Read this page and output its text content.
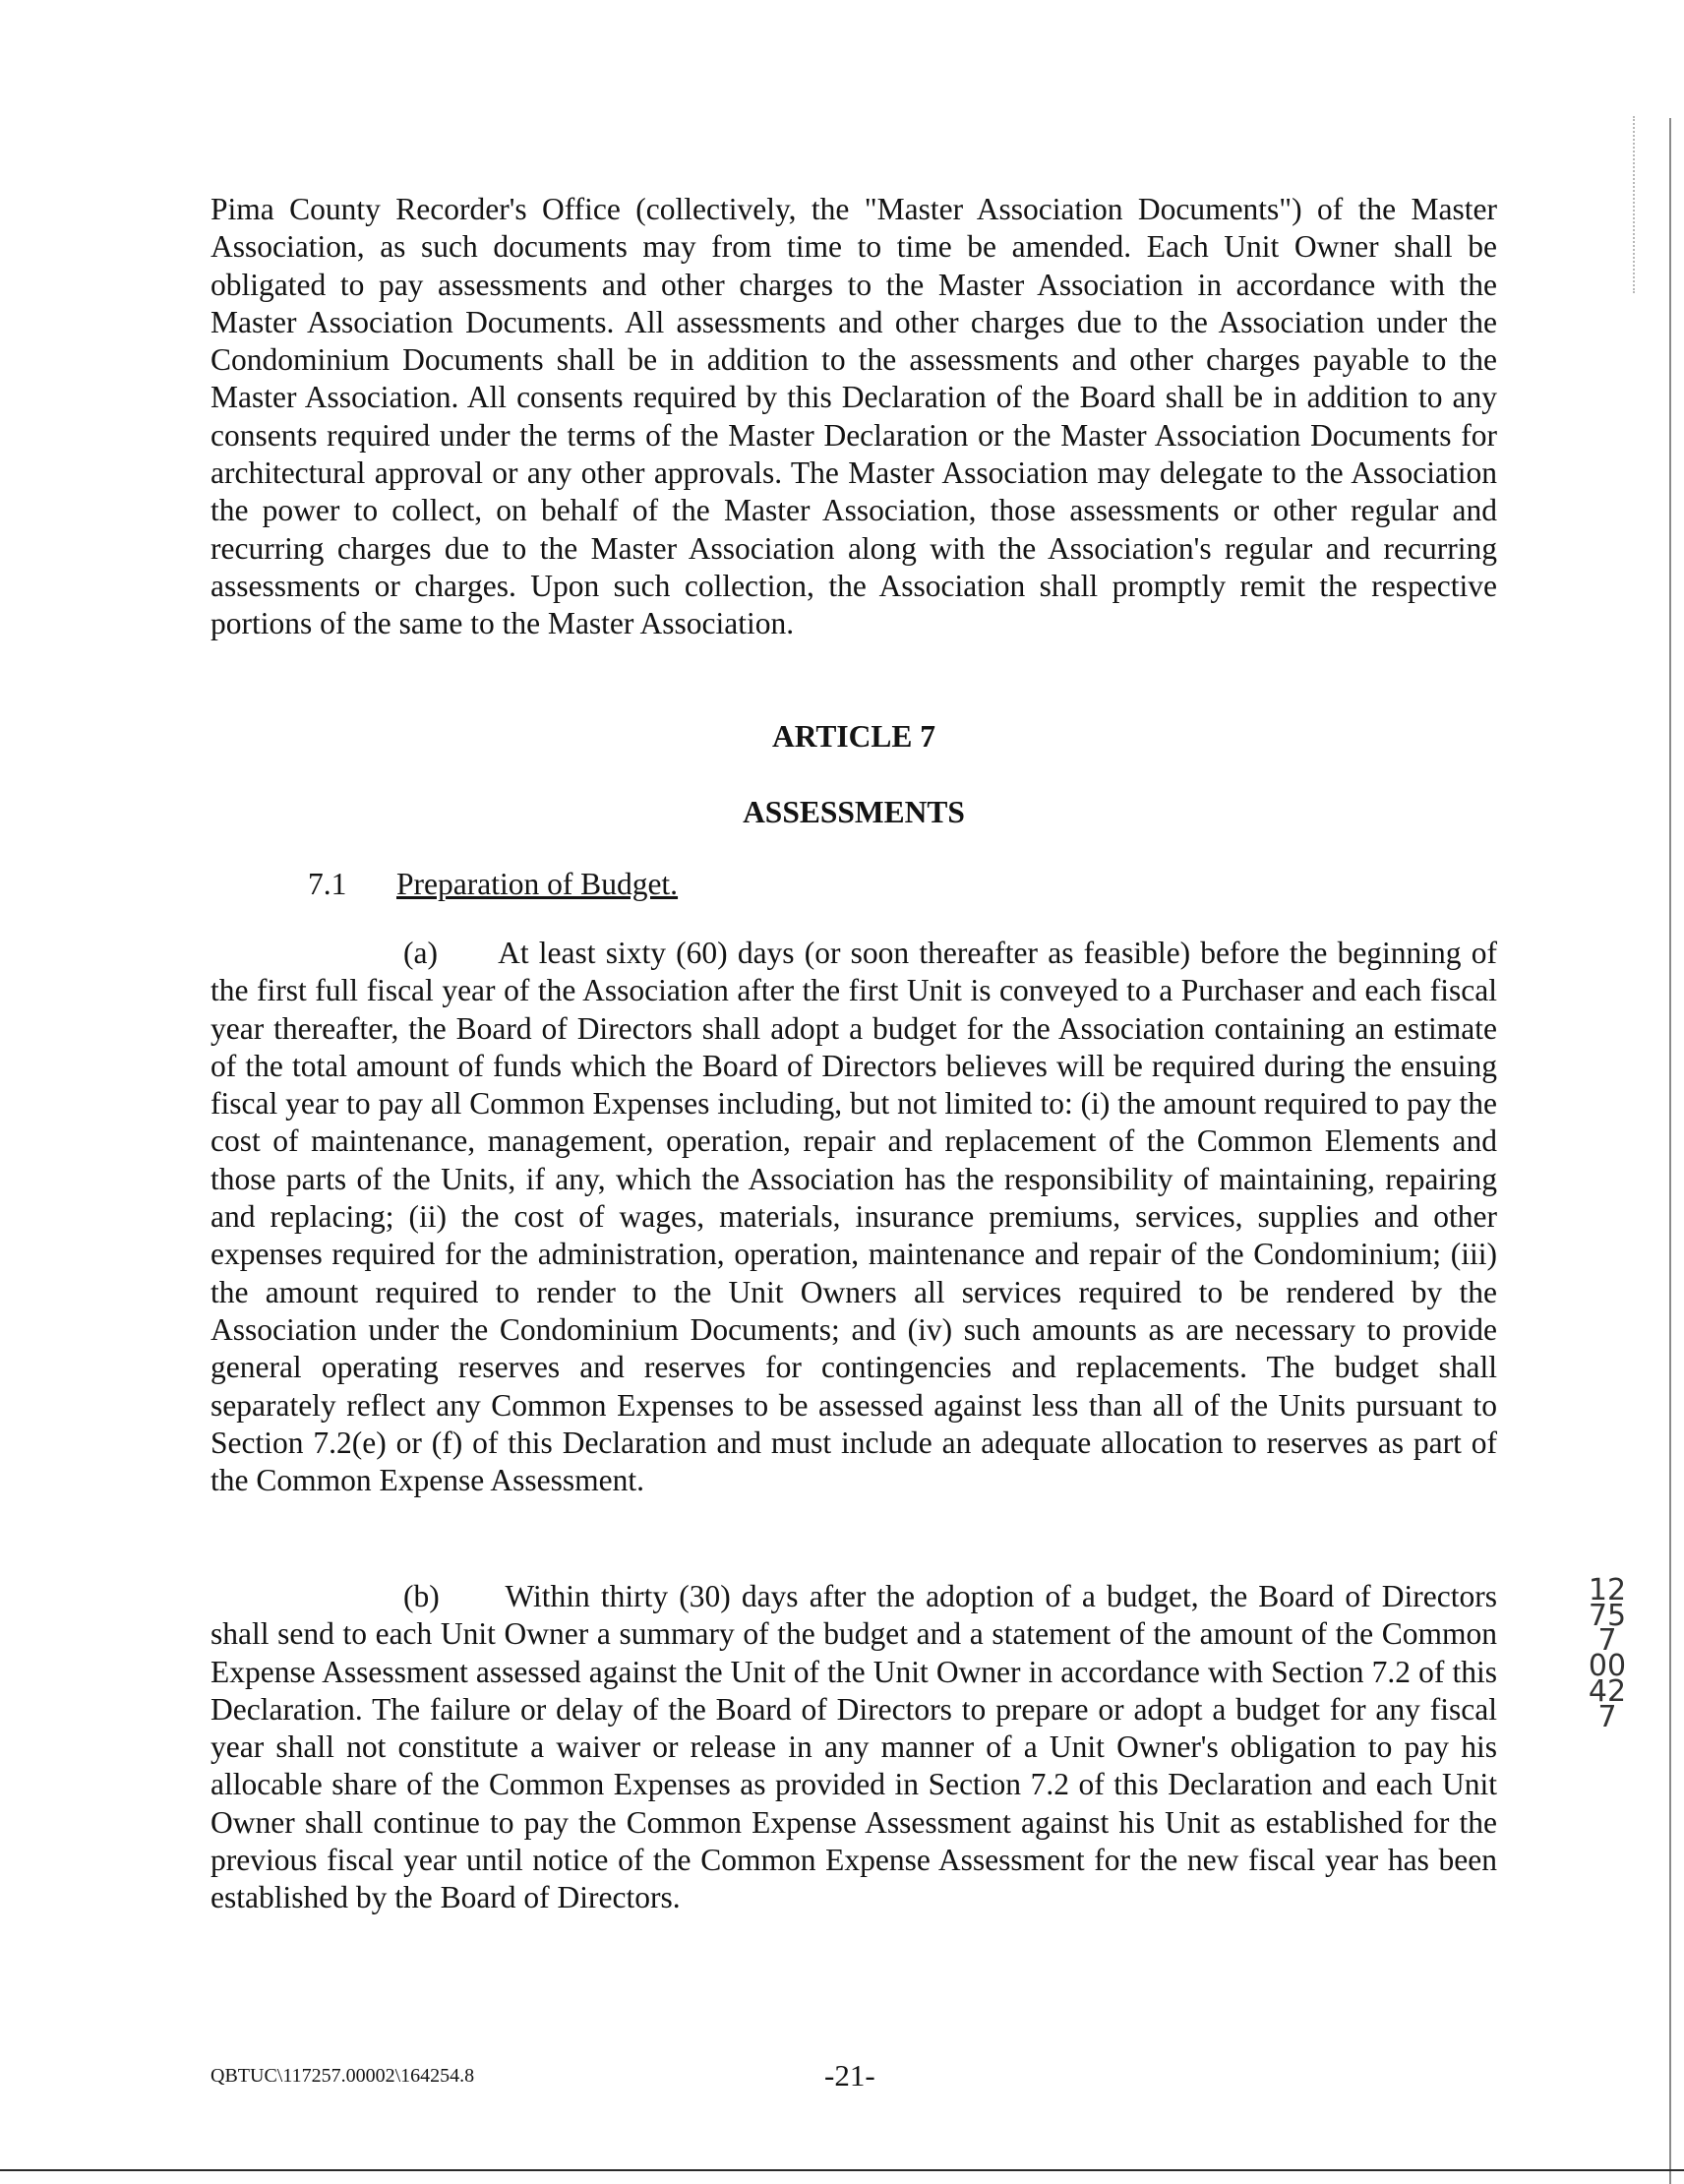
Pima County Recorder's Office (collectively, the "Master Association Documents") of the Master Association, as such documents may from time to time be amended. Each Unit Owner shall be obligated to pay assessments and other charges to the Master Association in accordance with the Master Association Documents. All assessments and other charges due to the Association under the Condominium Documents shall be in addition to the assessments and other charges payable to the Master Association. All consents required by this Declaration of the Board shall be in addition to any consents required under the terms of the Master Declaration or the Master Association Documents for architectural approval or any other approvals. The Master Association may delegate to the Association the power to collect, on behalf of the Master Association, those assessments or other regular and recurring charges due to the Master Association along with the Association's regular and recurring assessments or charges. Upon such collection, the Association shall promptly remit the respective portions of the same to the Master Association.

ARTICLE 7

ASSESSMENTS

7.1 Preparation of Budget.

(a)      At least sixty (60) days (or soon thereafter as feasible) before the beginning of the first full fiscal year of the Association after the first Unit is conveyed to a Purchaser and each fiscal year thereafter, the Board of Directors shall adopt a budget for the Association containing an estimate of the total amount of funds which the Board of Directors believes will be required during the ensuing fiscal year to pay all Common Expenses including, but not limited to: (i) the amount required to pay the cost of maintenance, management, operation, repair and replacement of the Common Elements and those parts of the Units, if any, which the Association has the responsibility of maintaining, repairing and replacing; (ii) the cost of wages, materials, insurance premiums, services, supplies and other expenses required for the administration, operation, maintenance and repair of the Condominium; (iii) the amount required to render to the Unit Owners all services required to be rendered by the Association under the Condominium Documents; and (iv) such amounts as are necessary to provide general operating reserves and reserves for contingencies and replacements. The budget shall separately reflect any Common Expenses to be assessed against less than all of the Units pursuant to Section 7.2(e) or (f) of this Declaration and must include an adequate allocation to reserves as part of the Common Expense Assessment.

(b)      Within thirty (30) days after the adoption of a budget, the Board of Directors shall send to each Unit Owner a summary of the budget and a statement of the amount of the Common Expense Assessment assessed against the Unit of the Unit Owner in accordance with Section 7.2 of this Declaration. The failure or delay of the Board of Directors to prepare or adopt a budget for any fiscal year shall not constitute a waiver or release in any manner of a Unit Owner's obligation to pay his allocable share of the Common Expenses as provided in Section 7.2 of this Declaration and each Unit Owner shall continue to pay the Common Expense Assessment against his Unit as established for the previous fiscal year until notice of the Common Expense Assessment for the new fiscal year has been established by the Board of Directors.

12757 00427
QBTUC\117257.00002\164254.8	-21-
